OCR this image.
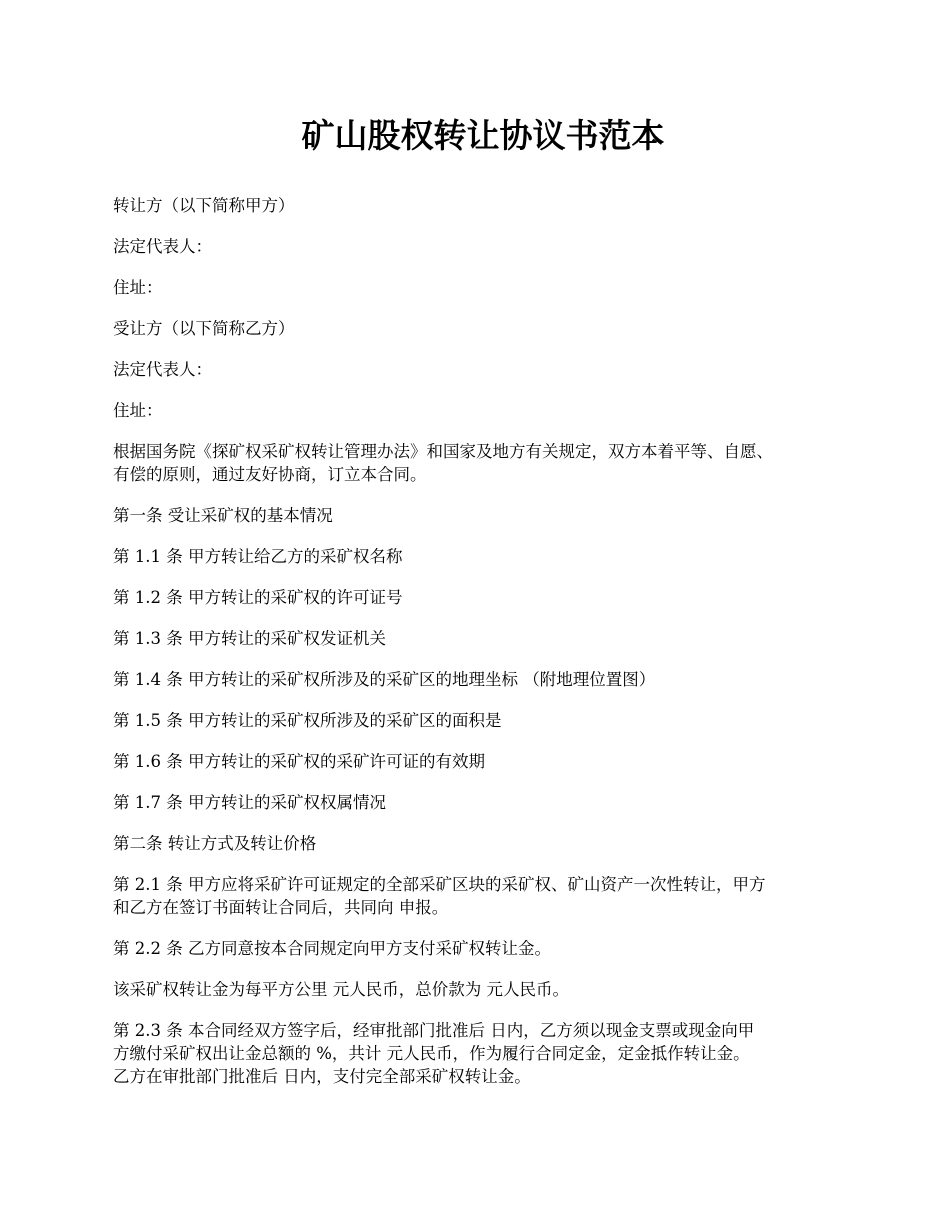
矿山股权转让协议书范本

转让方（以下简称甲方）

法定代表人：

住址：

受让方（以下简称乙方）

法定代表人：

住址：

根据国务院《探矿权采矿权转让管理办法》和国家及地方有关规定，双方本着平等、自愿、
有偿的原则，通过友好协商，订立本合同。

第一条 受让采矿权的基本情况

第 1.1 条 甲方转让给乙方的采矿权名称

第 1.2 条 甲方转让的采矿权的许可证号

第 1.3 条 甲方转让的采矿权发证机关

第 1.4 条 甲方转让的采矿权所涉及的采矿区的地理坐标 （附地理位置图）

第 1.5 条 甲方转让的采矿权所涉及的采矿区的面积是

第 1.6 条 甲方转让的采矿权的采矿许可证的有效期

第 1.7 条 甲方转让的采矿权权属情况

第二条 转让方式及转让价格

第 2.1 条 甲方应将采矿许可证规定的全部采矿区块的采矿权、矿山资产一次性转让，甲方
和乙方在签订书面转让合同后，共同向 申报。

第 2.2 条 乙方同意按本合同规定向甲方支付采矿权转让金。

该采矿权转让金为每平方公里 元人民币，总价款为 元人民币。

第 2.3 条 本合同经双方签字后，经审批部门批准后 日内，乙方须以现金支票或现金向甲
方缴付采矿权出让金总额的 %，共计 元人民币，作为履行合同定金，定金抵作转让金。
乙方在审批部门批准后 日内，支付完全部采矿权转让金。
